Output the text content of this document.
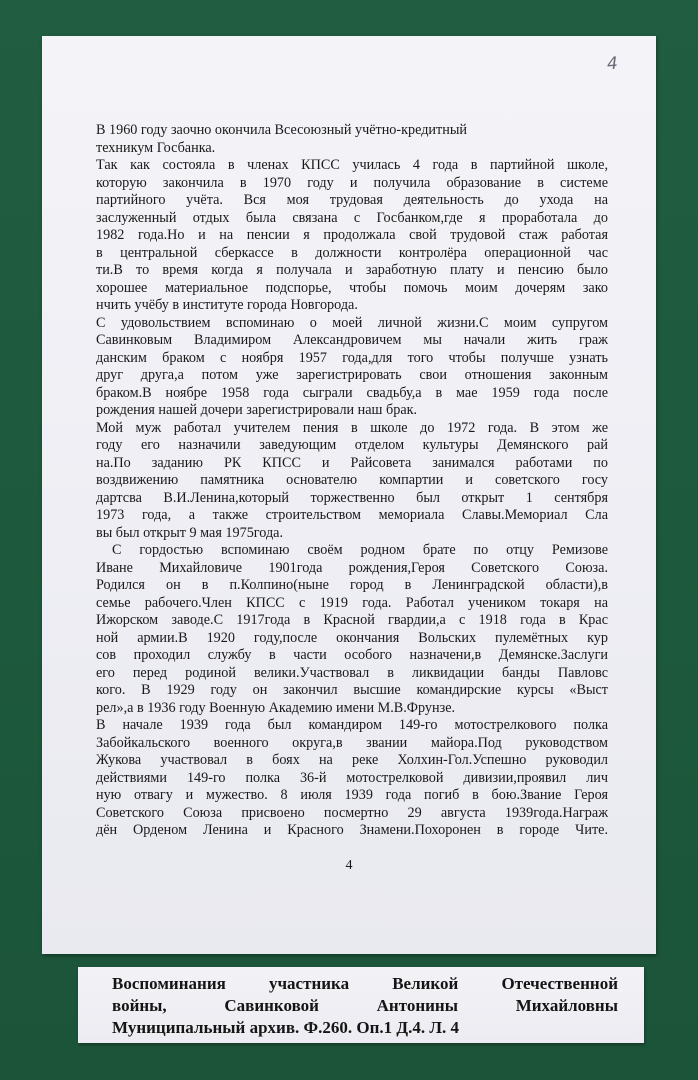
4
В 1960 году заочно окончила Всесоюзный учётно-кредитный
техникум Госбанка.
Так как состояла в членах КПСС училась 4 года в партийной школе,
которую закончила в 1970 году и получила образование в системе
партийного учёта. Вся моя трудовая деятельность до ухода на
заслуженный отдых была связана с Госбанком,где я проработала до
1982 года.Но и на пенсии я продолжала свой трудовой стаж работая
в центральной сберкассе в должности контролёра операционной час
ти.В то время когда я получала и заработную плату и пенсию было
хорошее материальное подспорье, чтобы помочь моим дочерям зако
нчить учёбу в институте города Новгорода.
С удовольствием вспоминаю о моей личной жизни.С моим супругом
Савинковым Владимиром Александровичем мы начали жить граж
данским браком с ноября 1957 года,для того чтобы получше узнать
друг друга,а потом уже зарегистрировать свои отношения законным
браком.В ноябре 1958 года сыграли свадьбу,а в мае 1959 года после
рождения нашей дочери зарегистрировали наш брак.
Мой муж работал учителем пения в школе до 1972 года. В этом же
году его назначили заведующим отделом культуры Демянского рай
на.По заданию РК КПСС и Райсовета занимался работами по
воздвижению памятника основателю компартии и советского госу
дартсва В.И.Ленина,который торжественно был открыт 1 сентября
1973 года, а также строительством мемориала Славы.Мемориал Сла
вы был открыт 9 мая 1975года.
С гордостью вспоминаю своём родном брате по отцу Ремизове
Иване Михайловиче 1901года рождения,Героя Советского Союза.
Родился он в п.Колпино(ныне город в Ленинградской области),в
семье рабочего.Член КПСС с 1919 года. Работал учеником токаря на
Ижорском заводе.С 1917года в Красной гвардии,а с 1918 года в Крас
ной армии.В 1920 году,после окончания Вольских пулемётных кур
сов проходил службу в части особого назначени,в Демянске.Заслуги
его перед родиной велики.Участвовал в ликвидации банды Павловс
кого. В 1929 году он закончил высшие командирские курсы «Выст
рел»,а в 1936 году Военную Академию имени М.В.Фрунзе.
В начале 1939 года был командиром 149-го мотострелкового полка
Забойкальского военного округа,в звании майора.Под руководством
Жукова участвовал в боях на реке Холхин-Гол.Успешно руководил
действиями 149-го полка 36-й мотострелковой дивизии,проявил лич
ную отвагу и мужество. 8 июля 1939 года погиб в бою.Звание Героя
Советского Союза присвоено посмертно 29 августа 1939года.Награж
дён Орденом Ленина и Красного Знамени.Похоронен в городе Чите.
4
Воспоминания участника Великой Отечественной
войны, Савинковой Антонины Михайловны
Муниципальный архив. Ф.260. Оп.1 Д.4. Л. 4
